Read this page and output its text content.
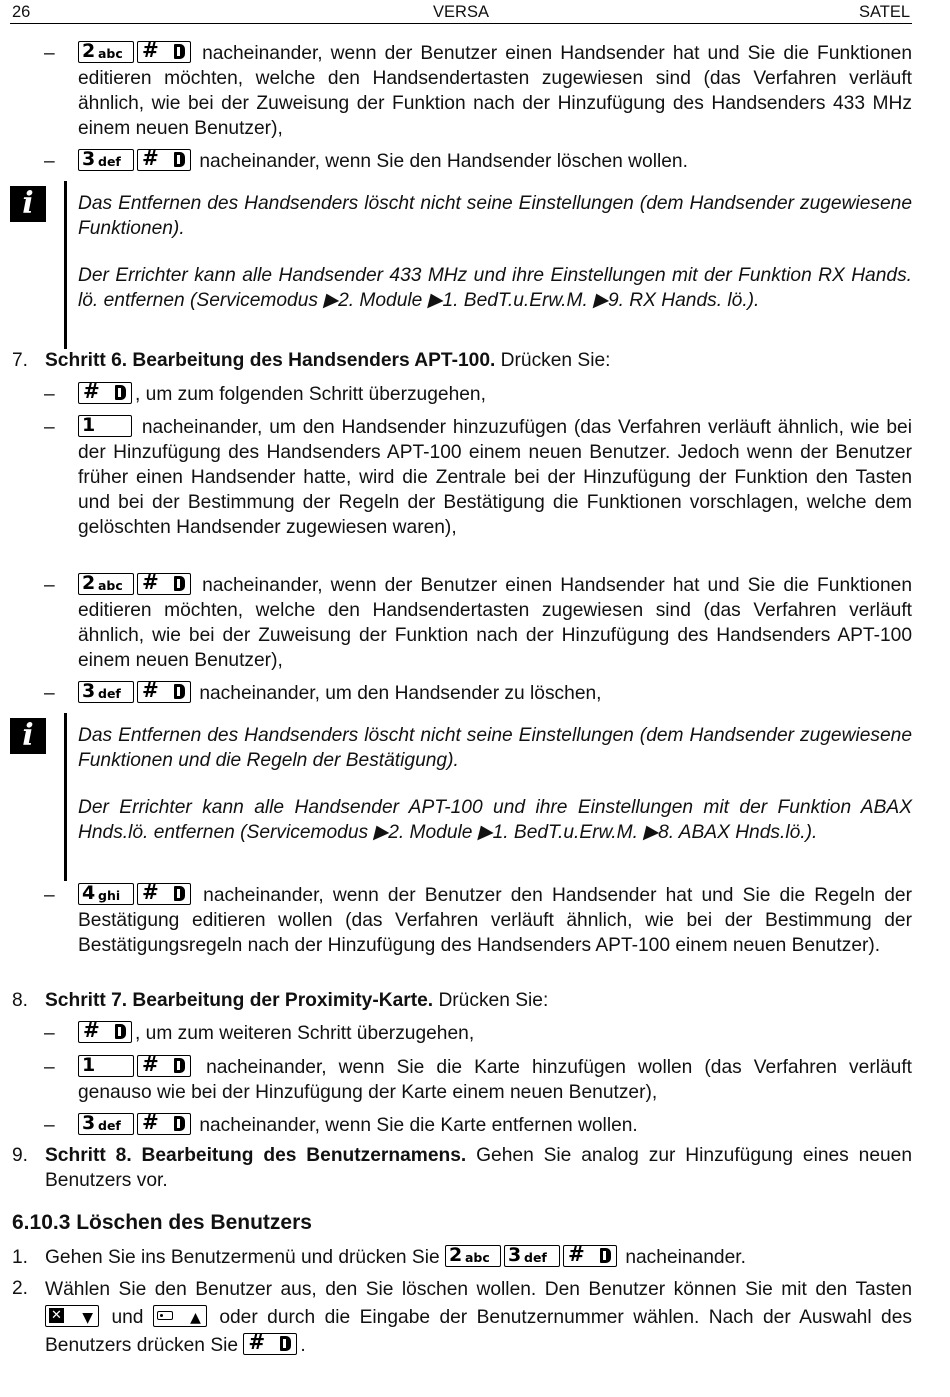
26	VERSA	SATEL
– 2 abc # nacheinander, wenn der Benutzer einen Handsender hat und Sie die Funktionen editieren möchten, welche den Handsendertasten zugewiesen sind (das Verfahren verläuft ähnlich, wie bei der Zuweisung der Funktion nach der Hinzufügung des Handsenders 433 MHz einem neuen Benutzer),
– 3 def # nacheinander, wenn Sie den Handsender löschen wollen.
i	Das Entfernen des Handsenders löscht nicht seine Einstellungen (dem Handsender zugewiesene Funktionen).
Der Errichter kann alle Handsender 433 MHz und ihre Einstellungen mit der Funktion RX Hands. lö. entfernen (Servicemodus ▶2. Module ▶1. BedT.u.Erw.M. ▶9. RX Hands. lö.).
7. Schritt 6. Bearbeitung des Handsenders APT-100. Drücken Sie:
– # , um zum folgenden Schritt überzugehen,
– 1 nacheinander, um den Handsender hinzuzufügen (das Verfahren verläuft ähnlich, wie bei der Hinzufügung des Handsenders APT-100 einem neuen Benutzer. Jedoch wenn der Benutzer früher einen Handsender hatte, wird die Zentrale bei der Hinzufügung der Funktion den Tasten und bei der Bestimmung der Regeln der Bestätigung die Funktionen vorschlagen, welche dem gelöschten Handsender zugewiesen waren),
– 2 abc # nacheinander, wenn der Benutzer einen Handsender hat und Sie die Funktionen editieren möchten, welche den Handsendertasten zugewiesen sind (das Verfahren verläuft ähnlich, wie bei der Zuweisung der Funktion nach der Hinzufügung des Handsenders APT-100 einem neuen Benutzer),
– 3 def # nacheinander, um den Handsender zu löschen,
i	Das Entfernen des Handsenders löscht nicht seine Einstellungen (dem Handsender zugewiesene Funktionen und die Regeln der Bestätigung).
Der Errichter kann alle Handsender APT-100 und ihre Einstellungen mit der Funktion ABAX Hnds.lö. entfernen (Servicemodus ▶2. Module ▶1. BedT.u.Erw.M. ▶8. ABAX Hnds.lö.).
– 4 ghi # nacheinander, wenn der Benutzer den Handsender hat und Sie die Regeln der Bestätigung editieren wollen (das Verfahren verläuft ähnlich, wie bei der Bestimmung der Bestätigungsregeln nach der Hinzufügung des Handsenders APT-100 einem neuen Benutzer).
8. Schritt 7. Bearbeitung der Proximity-Karte. Drücken Sie:
– # , um zum weiteren Schritt überzugehen,
– 1 # nacheinander, wenn Sie die Karte hinzufügen wollen (das Verfahren verläuft genauso wie bei der Hinzufügung der Karte einem neuen Benutzer),
– 3 def # nacheinander, wenn Sie die Karte entfernen wollen.
9. Schritt 8. Bearbeitung des Benutzernamens. Gehen Sie analog zur Hinzufügung eines neuen Benutzers vor.
6.10.3 Löschen des Benutzers
1. Gehen Sie ins Benutzermenü und drücken Sie 2 abc 3 def # nacheinander.
2. Wählen Sie den Benutzer aus, den Sie löschen wollen. Den Benutzer können Sie mit den Tasten
✕ ▼ und	▲ oder durch die Eingabe der Benutzernummer wählen. Nach der Auswahl des Benutzers drücken Sie # .
